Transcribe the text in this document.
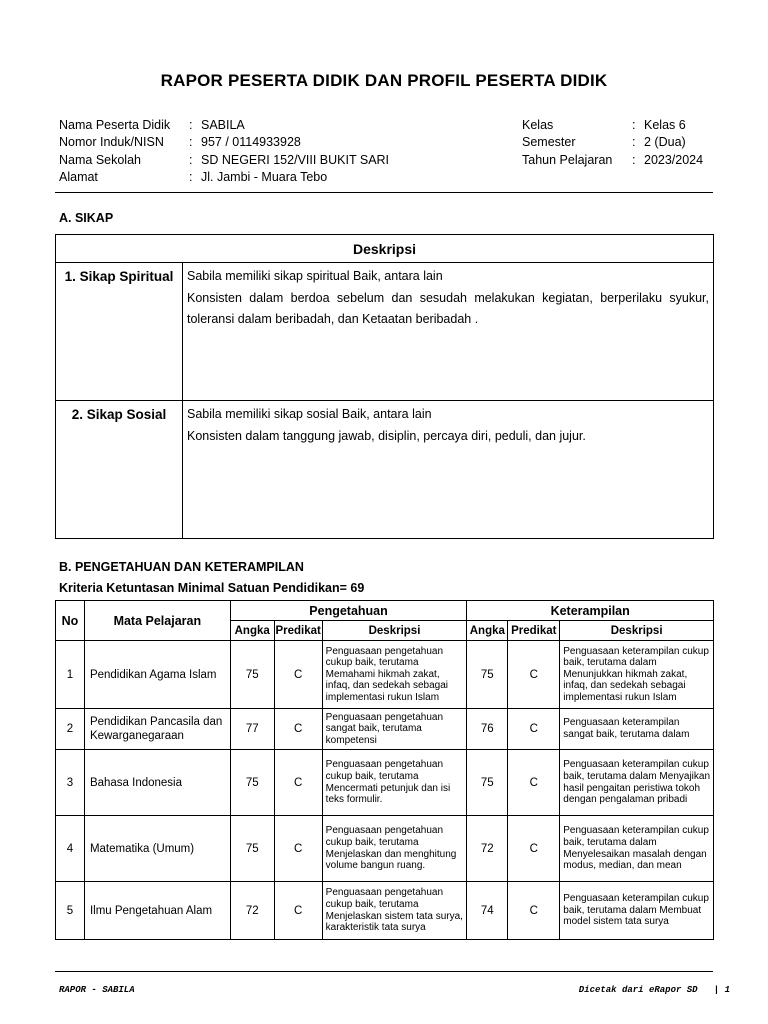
RAPOR PESERTA DIDIK DAN PROFIL PESERTA DIDIK
Nama Peserta Didik	: SABILA
Nomor Induk/NISN	: 957 / 0114933928
Nama Sekolah	: SD NEGERI 152/VIII BUKIT SARI
Alamat	: Jl. Jambi - Muara Tebo
Kelas	: Kelas 6
Semester	: 2 (Dua)
Tahun Pelajaran	: 2023/2024
A. SIKAP
Deskripsi	
1. Sikap Spiritual	Sabila memiliki sikap spiritual Baik, antara lain
Konsisten dalam berdoa sebelum dan sesudah melakukan kegiatan, berperilaku syukur, toleransi dalam beribadah, dan Ketaatan beribadah .

2. Sikap Sosial	Sabila memiliki sikap sosial Baik, antara lain
Konsisten dalam tanggung jawab, disiplin, percaya diri, peduli, dan jujur.
B. PENGETAHUAN DAN KETERAMPILAN
Kriteria Ketuntasan Minimal Satuan Pendidikan= 69
No	Mata Pelajaran	Pengetahuan			Keterampilan		
		Angka	Predikat	Deskripsi	Angka	Predikat	Deskripsi
1	Pendidikan Agama Islam	75	C	Penguasaan pengetahuan cukup baik, terutama Memahami hikmah zakat, infaq, dan sedekah sebagai implementasi rukun Islam	75	C	Penguasaan keterampilan cukup baik, terutama dalam Menunjukkan hikmah zakat, infaq, dan sedekah sebagai implementasi rukun Islam
2	Pendidikan Pancasila dan Kewarganegaraan	77	C	Penguasaan pengetahuan sangat baik, terutama kompetensi	76	C	Penguasaan keterampilan sangat baik, terutama dalam
3	Bahasa Indonesia	75	C	Penguasaan pengetahuan cukup baik, terutama Mencermati petunjuk dan isi teks formulir.	75	C	Penguasaan keterampilan cukup baik, terutama dalam Menyajikan hasil pengaitan peristiwa tokoh dengan pengalaman pribadi
4	Matematika (Umum)	75	C	Penguasaan pengetahuan cukup baik, terutama Menjelaskan dan menghitung volume bangun ruang.	72	C	Penguasaan keterampilan cukup baik, terutama dalam Menyelesaikan masalah dengan modus, median, dan mean
5	Ilmu Pengetahuan Alam	72	C	Penguasaan pengetahuan cukup baik, terutama Menjelaskan sistem tata surya, karakteristik tata surya	74	C	Penguasaan keterampilan cukup baik, terutama dalam Membuat model sistem tata surya
RAPOR - SABILA	Dicetak dari eRapor SD   | 1
